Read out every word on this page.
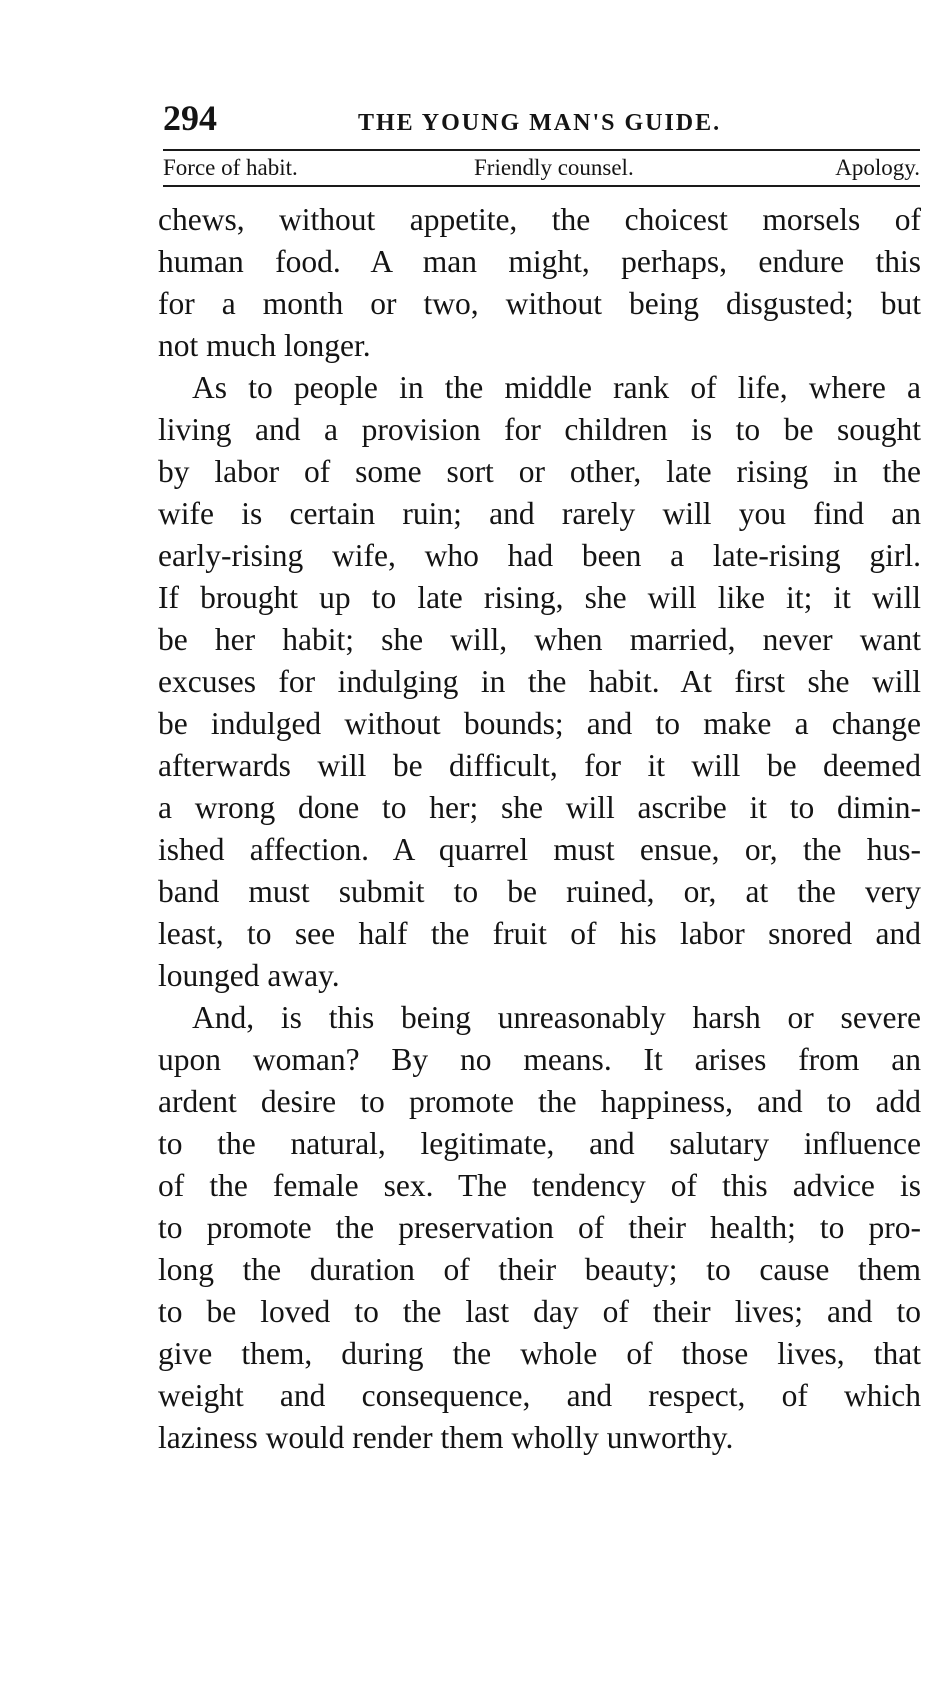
294	THE YOUNG MAN'S GUIDE.
Force of habit.	Friendly counsel.	Apology.
chews, without appetite, the choicest morsels of
human food. A man might, perhaps, endure this
for a month or two, without being disgusted; but
not much longer.
As to people in the middle rank of life, where a
living and a provision for children is to be sought
by labor of some sort or other, late rising in the
wife is certain ruin; and rarely will you find an
early-rising wife, who had been a late-rising girl.
If brought up to late rising, she will like it; it will
be her habit; she will, when married, never want
excuses for indulging in the habit. At first she will
be indulged without bounds; and to make a change
afterwards will be difficult, for it will be deemed
a wrong done to her; she will ascribe it to dimin-
ished affection. A quarrel must ensue, or, the hus-
band must submit to be ruined, or, at the very
least, to see half the fruit of his labor snored and
lounged away.
And, is this being unreasonably harsh or severe
upon woman? By no means. It arises from an
ardent desire to promote the happiness, and to add
to the natural, legitimate, and salutary influence
of the female sex. The tendency of this advice is
to promote the preservation of their health; to pro-
long the duration of their beauty; to cause them
to be loved to the last day of their lives; and to
give them, during the whole of those lives, that
weight and consequence, and respect, of which
laziness would render them wholly unworthy.
